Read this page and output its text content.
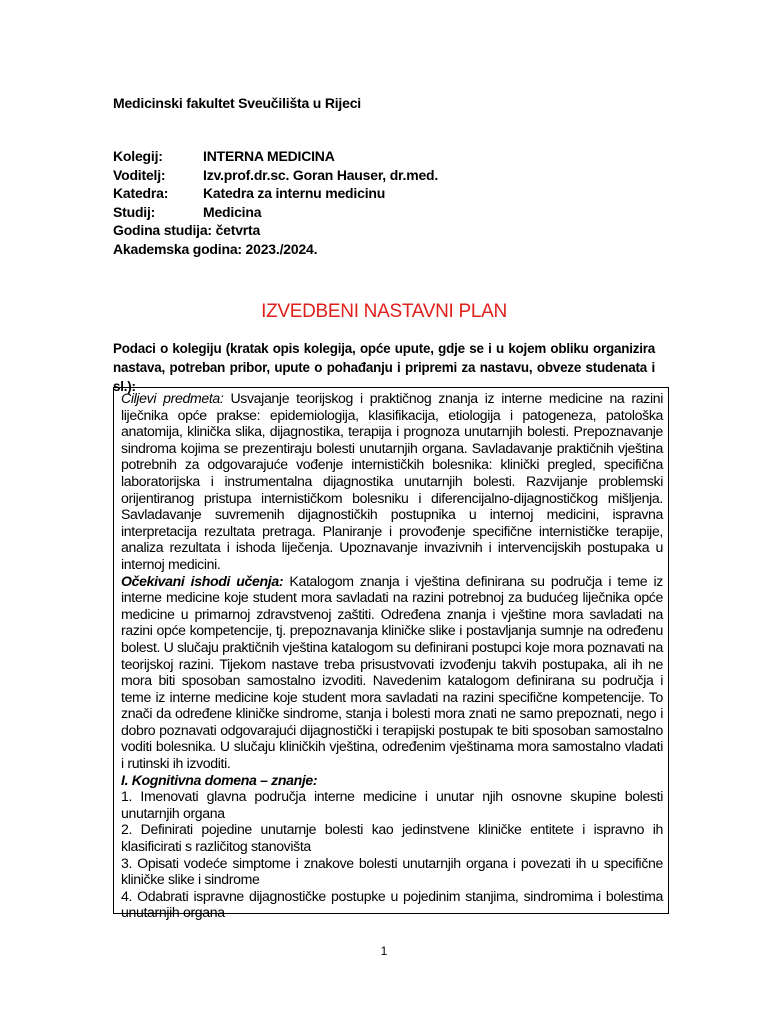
Medicinski fakultet Sveučilišta u Rijeci
Kolegij:	INTERNA MEDICINA
Voditelj:	Izv.prof.dr.sc. Goran Hauser, dr.med.
Katedra:	Katedra za internu medicinu
Studij:	Medicina
Godina studija: četvrta
Akademska godina: 2023./2024.
IZVEDBENI NASTAVNI PLAN
Podaci o kolegiju (kratak opis kolegija, opće upute, gdje se i u kojem obliku organizira nastava, potreban pribor, upute o pohađanju i pripremi za nastavu, obveze studenata i sl.):

Ciljevi predmeta: Usvajanje teorijskog i praktičnog znanja iz interne medicine na razini liječnika opće prakse: epidemiologija, klasifikacija, etiologija i patogeneza, patološka anatomija, klinička slika, dijagnostika, terapija i prognoza unutarnjih bolesti. Prepoznavanje sindroma kojima se prezentiraju bolesti unutarnjih organa. Savladavanje praktičnih vještina potrebnih za odgovarajuće vođenje internističkih bolesnika: klinički pregled, specifična laboratorijska i instrumentalna dijagnostika unutarnjih bolesti. Razvijanje problemski orijentiranog pristupa internističkom bolesniku i diferencijalno-dijagnostičkog mišljenja. Savladavanje suvremenih dijagnostičkih postupnika u internoj medicini, ispravna interpretacija rezultata pretraga. Planiranje i provođenje specifične internističke terapije, analiza rezultata i ishoda liječenja. Upoznavanje invazivnih i intervencijskih postupaka u internoj medicini.

Očekivani ishodi učenja: Katalogom znanja i vještina definirana su područja i teme iz interne medicine koje student mora savladati na razini potrebnoj za budućeg liječnika opće medicine u primarnoj zdravstvenoj zaštiti. Određena znanja i vještine mora savladati na razini opće kompetencije, tj. prepoznavanja kliničke slike i postavljanja sumnje na određenu bolest. U slučaju praktičnih vještina katalogom su definirani postupci koje mora poznavati na teorijskoj razini. Tijekom nastave treba prisustvovati izvođenju takvih postupaka, ali ih ne mora biti sposoban samostalno izvoditi. Navedenim katalogom definirana su područja i teme iz interne medicine koje student mora savladati na razini specifične kompetencije. To znači da određene kliničke sindrome, stanja i bolesti mora znati ne samo prepoznati, nego i dobro poznavati odgovarajući dijagnostički i terapijski postupak te biti sposoban samostalno voditi bolesnika. U slučaju kliničkih vještina, određenim vještinama mora samostalno vladati i rutinski ih izvoditi.

I. Kognitivna domena – znanje:

1. Imenovati glavna područja interne medicine i unutar njih osnovne skupine bolesti unutarnjih organa

2. Definirati pojedine unutarnje bolesti kao jedinstvene kliničke entitete i ispravno ih klasificirati s različitog stanovišta

3. Opisati vodeće simptome i znakove bolesti unutarnjih organa i povezati ih u specifične kliničke slike i sindrome

4. Odabrati ispravne dijagnostičke postupke u pojedinim stanjima, sindromima i bolestima unutarnjih organa

1
